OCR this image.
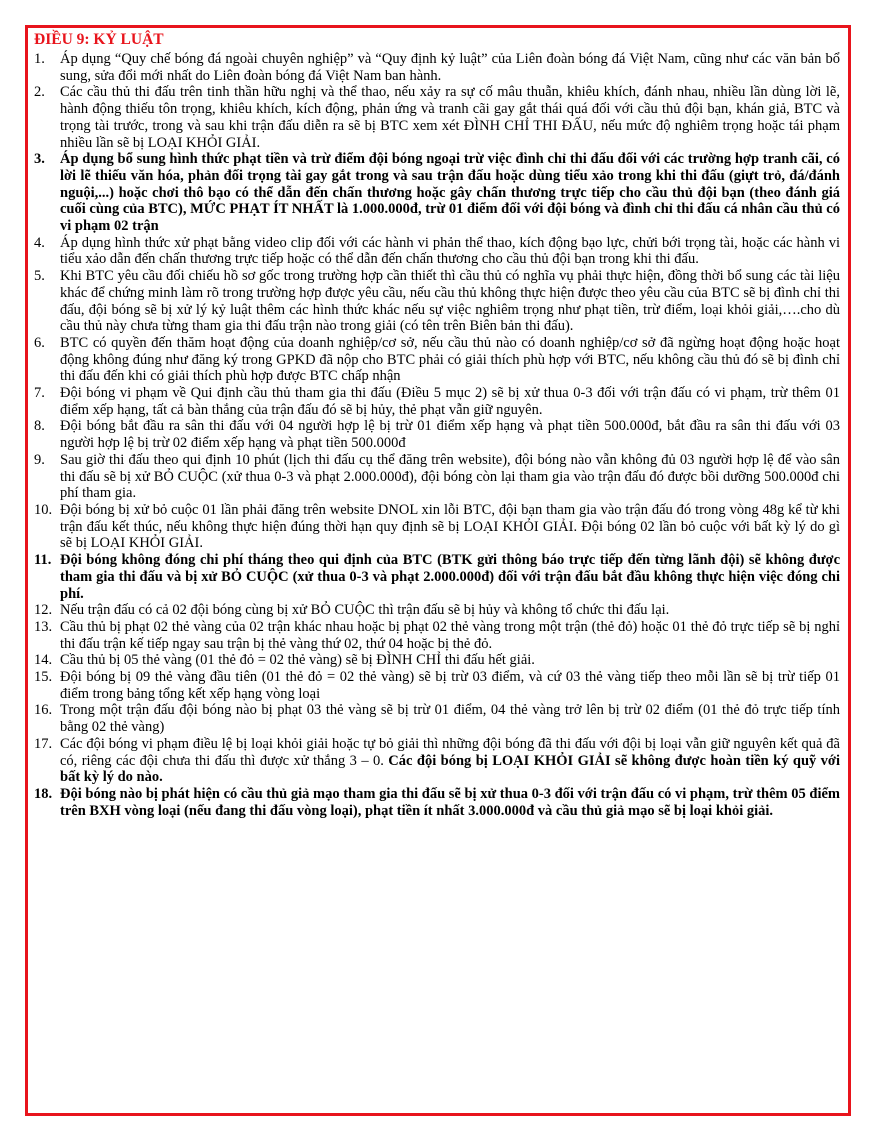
ĐIỀU 9: KỶ LUẬT
1.	Áp dụng “Quy chế bóng đá ngoài chuyên nghiệp” và “Quy định kỷ luật” của Liên đoàn bóng đá Việt Nam, cũng như các văn bản bổ sung, sửa đổi mới nhất do Liên đoàn bóng đá Việt Nam ban hành.
2.	Các cầu thủ thi đấu trên tinh thần hữu nghị và thể thao, nếu xảy ra sự cố mâu thuẫn, khiêu khích, đánh nhau, nhiều lần dùng lời lẽ, hành động thiếu tôn trọng, khiêu khích, kích động, phản ứng và tranh cãi gay gắt thái quá đối với cầu thủ đội bạn, khán giả, BTC và trọng tài trước, trong và sau khi trận đấu diễn ra sẽ bị BTC xem xét ĐÌNH CHỈ THI ĐẤU, nếu mức độ nghiêm trọng hoặc tái phạm nhiều lần sẽ bị LOẠI KHỎI GIẢI.
3.	Áp dụng bổ sung hình thức phạt tiền và trừ điểm đội bóng ngoại trừ việc đình chỉ thi đấu đối với các trường hợp tranh cãi, có lời lẽ thiếu văn hóa, phản đối trọng tài gay gắt trong và sau trận đấu hoặc dùng tiểu xảo trong khi thi đấu (giựt trỏ, đá/đánh nguội,...) hoặc chơi thô bạo có thể dẫn đến chấn thương hoặc gây chấn thương trực tiếp cho cầu thủ đội bạn (theo đánh giá cuối cùng của BTC), MỨC PHẠT ÍT NHẤT là 1.000.000đ, trừ 01 điểm đối với đội bóng và đình chỉ thi đấu cá nhân cầu thủ có vi phạm 02 trận
4.	Áp dụng hình thức xử phạt bằng video clip đối với các hành vi phản thể thao, kích động bạo lực, chửi bới trọng tài, hoặc các hành vi tiểu xảo dẫn đến chấn thương trực tiếp hoặc có thể dẫn đến chấn thương cho cầu thủ đội bạn trong khi thi đấu.
5.	Khi BTC yêu cầu đối chiếu hồ sơ gốc trong trường hợp cần thiết thì cầu thủ có nghĩa vụ phải thực hiện, đồng thời bổ sung các tài liệu khác để chứng minh làm rõ trong trường hợp được yêu cầu, nếu cầu thủ không thực hiện được theo yêu cầu của BTC sẽ bị đình chỉ thi đấu, đội bóng sẽ bị xử lý kỷ luật thêm các hình thức khác nếu sự việc nghiêm trọng như phạt tiền, trừ điểm, loại khỏi giải,….cho dù cầu thủ này chưa từng tham gia thi đấu trận nào trong giải (có tên trên Biên bản thi đấu).
6.	BTC có quyền đến thăm hoạt động của doanh nghiệp/cơ sở, nếu cầu thủ nào có doanh nghiệp/cơ sở đã ngừng hoạt động hoặc hoạt động không đúng như đăng ký trong GPKD đã nộp cho BTC phải có giải thích phù hợp với BTC, nếu không cầu thủ đó sẽ bị đình chỉ thi đấu đến khi có giải thích phù hợp được BTC chấp nhận
7.	Đội bóng vi phạm về Qui định cầu thủ tham gia thi đấu (Điều 5 mục 2) sẽ bị xử thua 0-3 đối với trận đấu có vi phạm, trừ thêm 01 điểm xếp hạng, tất cả bàn thắng của trận đấu đó sẽ bị hủy, thẻ phạt vẫn giữ nguyên.
8.	Đội bóng bắt đầu ra sân thi đấu với 04 người hợp lệ bị trừ 01 điểm xếp hạng và phạt tiền 500.000đ, bắt đầu ra sân thi đấu với 03 người hợp lệ bị trừ 02 điểm xếp hạng và phạt tiền 500.000đ
9.	Sau giờ thi đấu theo qui định 10 phút (lịch thi đấu cụ thể đăng trên website), đội bóng nào vẫn không đủ 03 người hợp lệ để vào sân thi đấu sẽ bị xử BỎ CUỘC (xử thua 0-3 và phạt 2.000.000đ), đội bóng còn lại tham gia vào trận đấu đó được bồi dưỡng 500.000đ chi phí tham gia.
10. Đội bóng bị xử bỏ cuộc 01 lần phải đăng trên website DNOL xin lỗi BTC, đội bạn tham gia vào trận đấu đó trong vòng 48g kể từ khi trận đấu kết thúc, nếu không thực hiện đúng thời hạn quy định sẽ bị LOẠI KHỎI GIẢI. Đội bóng 02 lần bỏ cuộc với bất kỳ lý do gì sẽ bị LOẠI KHỎI GIẢI.
11. Đội bóng không đóng chi phí tháng theo qui định của BTC (BTK gửi thông báo trực tiếp đến từng lãnh đội) sẽ không được tham gia thi đấu và bị xử BỎ CUỘC (xử thua 0-3 và phạt 2.000.000đ) đối với trận đấu bắt đầu không thực hiện việc đóng chi phí.
12. Nếu trận đấu có cả 02 đội bóng cùng bị xử BỎ CUỘC thì trận đấu sẽ bị hủy và không tổ chức thi đấu lại.
13. Cầu thủ bị phạt 02 thẻ vàng của 02 trận khác nhau hoặc bị phạt 02 thẻ vàng trong một trận (thẻ đỏ) hoặc 01 thẻ đỏ trực tiếp sẽ bị nghỉ thi đấu trận kế tiếp ngay sau trận bị thẻ vàng thứ 02, thứ 04 hoặc bị thẻ đỏ.
14. Cầu thủ bị 05 thẻ vàng (01 thẻ đỏ = 02 thẻ vàng) sẽ bị ĐÌNH CHỈ thi đấu hết giải.
15. Đội bóng bị 09 thẻ vàng đầu tiên (01 thẻ đỏ = 02 thẻ vàng) sẽ bị trừ 03 điểm, và cứ 03 thẻ vàng tiếp theo mỗi lần sẽ bị trừ tiếp 01 điểm trong bảng tổng kết xếp hạng vòng loại
16. Trong một trận đấu đội bóng nào bị phạt 03 thẻ vàng sẽ bị trừ 01 điểm, 04 thẻ vàng trở lên bị trừ 02 điểm (01 thẻ đỏ trực tiếp tính bằng 02 thẻ vàng)
17. Các đội bóng vi phạm điều lệ bị loại khỏi giải hoặc tự bỏ giải thì những đội bóng đã thi đấu với đội bị loại vẫn giữ nguyên kết quả đã có, riêng các đội chưa thi đấu thì được xử thắng 3 – 0. Các đội bóng bị LOẠI KHỎI GIẢI sẽ không được hoàn tiền ký quỹ với bất kỳ lý do nào.
18. Đội bóng nào bị phát hiện có cầu thủ giả mạo tham gia thi đấu sẽ bị xử thua 0-3 đối với trận đấu có vi phạm, trừ thêm 05 điểm trên BXH vòng loại (nếu đang thi đấu vòng loại), phạt tiền ít nhất 3.000.000đ và cầu thủ giả mạo sẽ bị loại khỏi giải.
